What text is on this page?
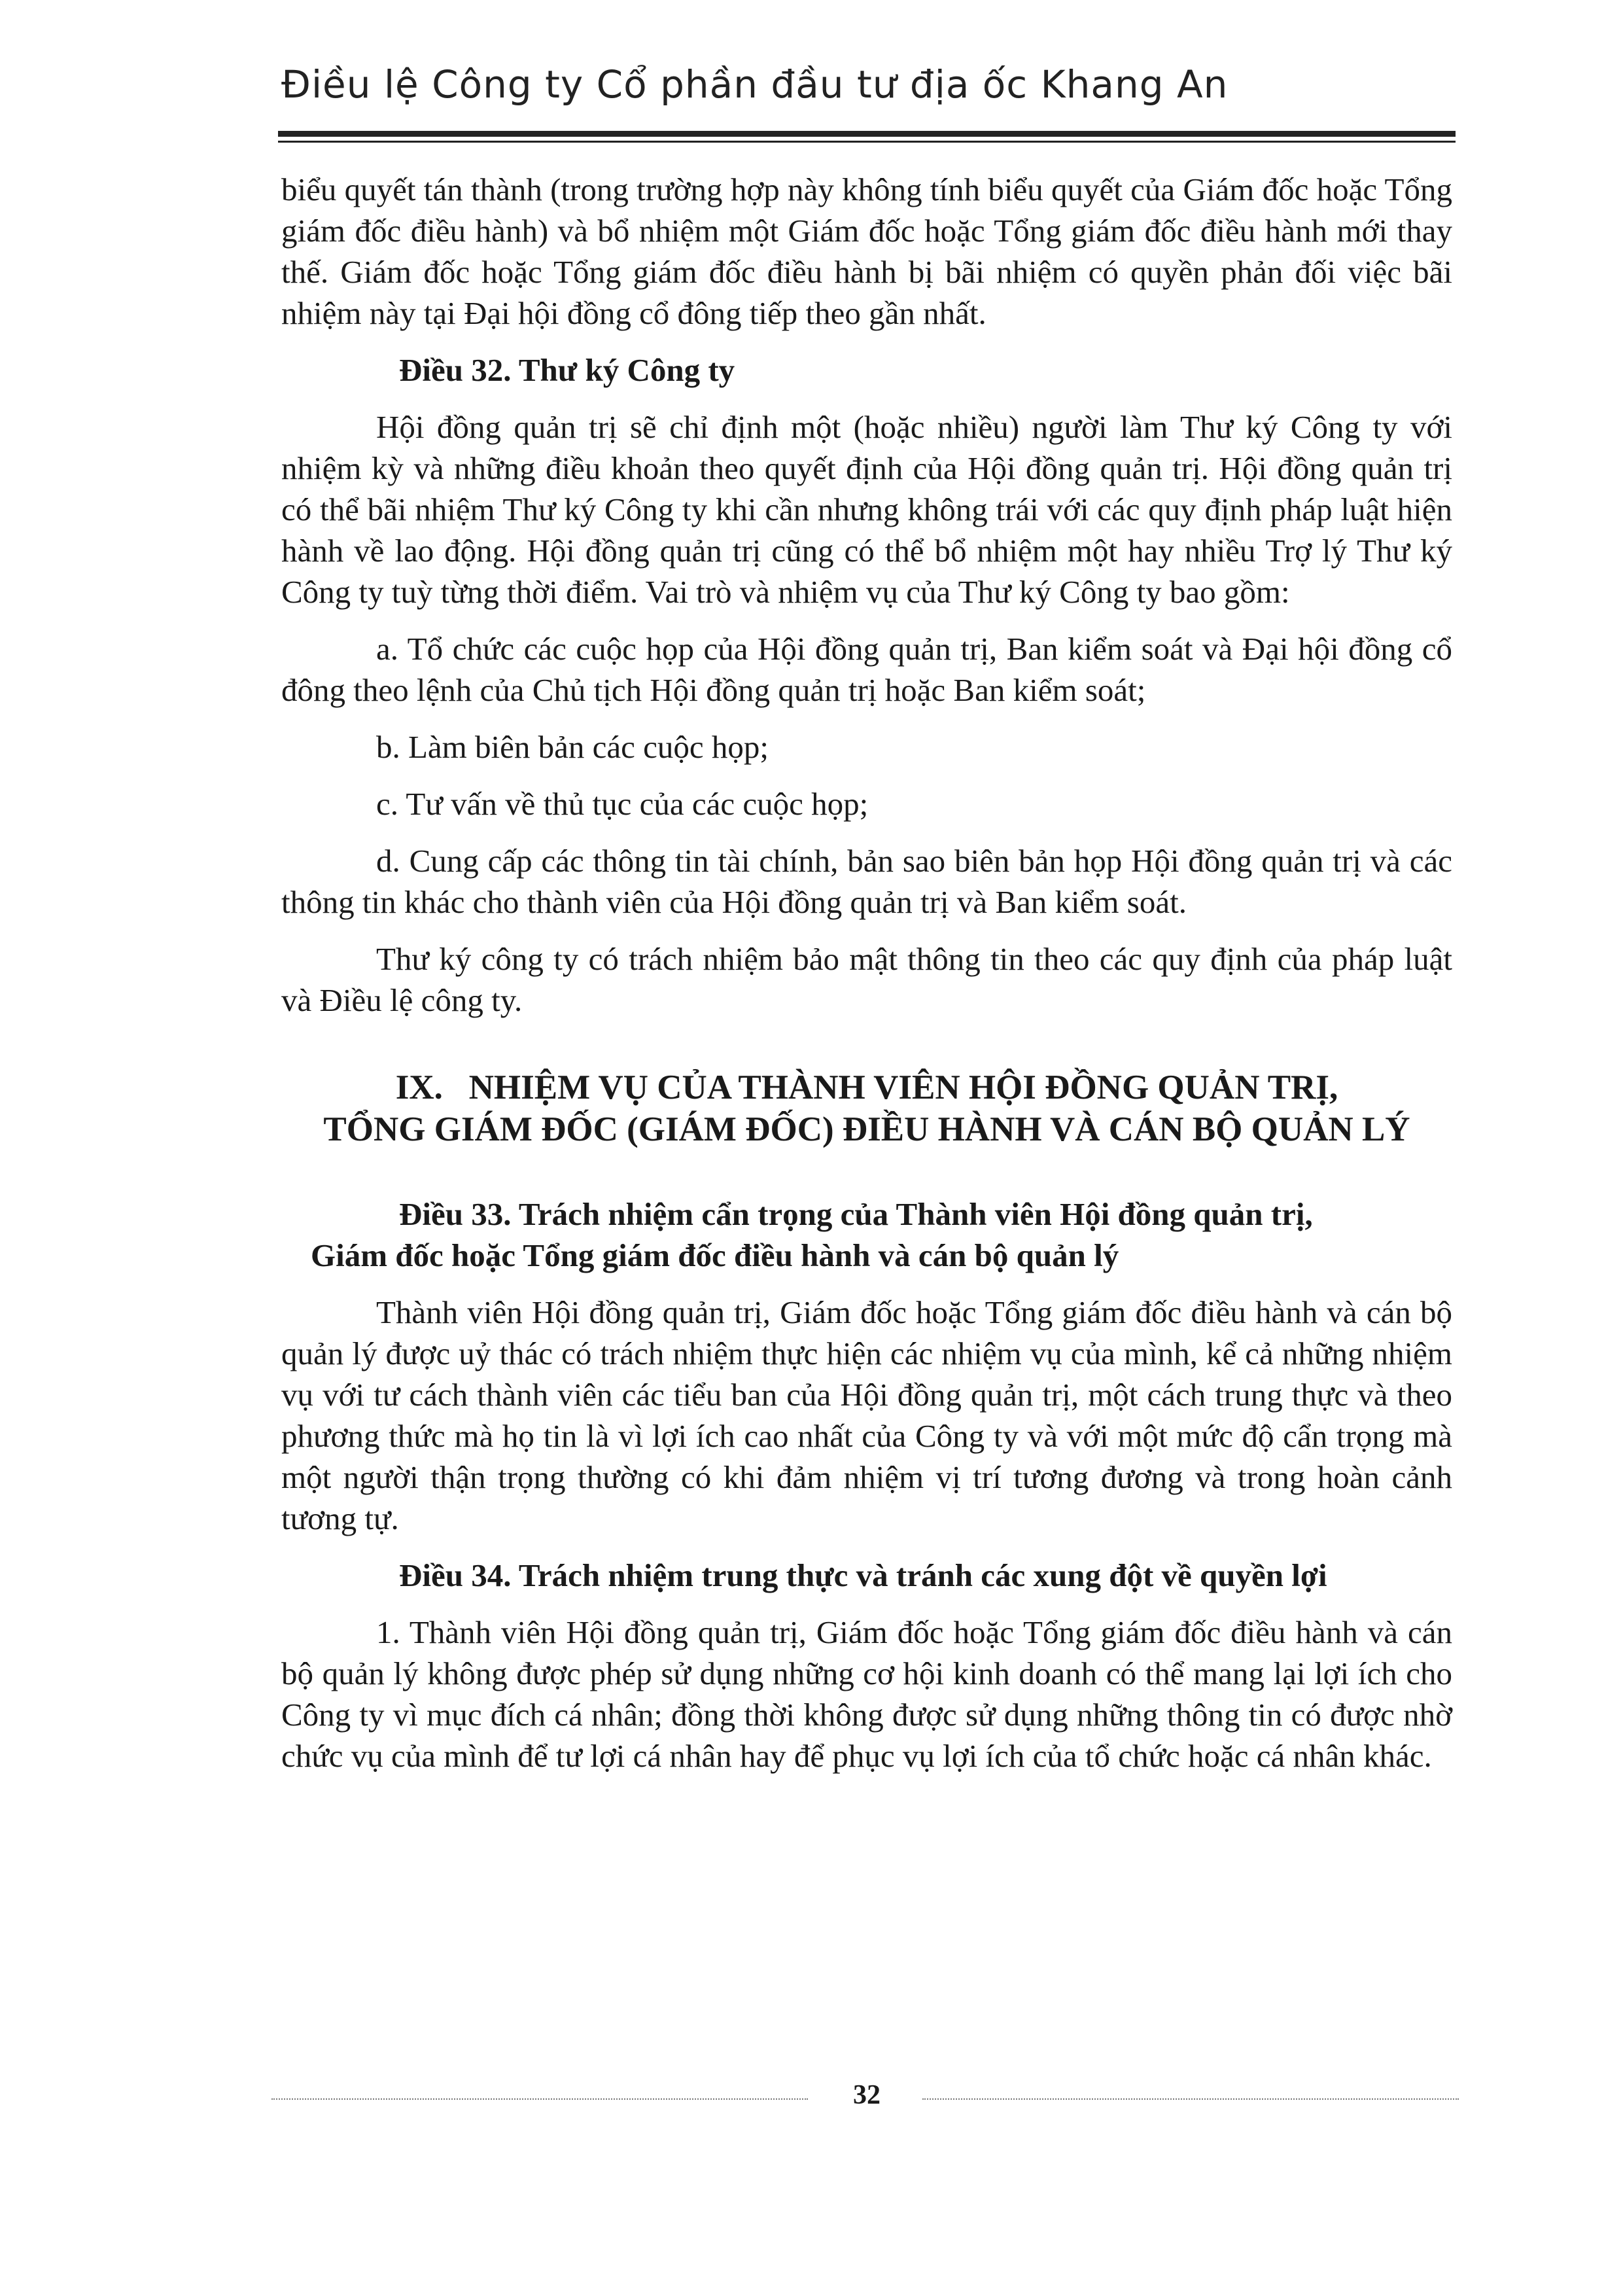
Điều lệ Công ty Cổ phần đầu tư địa ốc Khang An

biểu quyết tán thành (trong trường hợp này không tính biểu quyết của Giám đốc hoặc Tổng giám đốc điều hành) và bổ nhiệm một Giám đốc hoặc Tổng giám đốc điều hành mới thay thế. Giám đốc hoặc Tổng giám đốc điều hành bị bãi nhiệm có quyền phản đối việc bãi nhiệm này tại Đại hội đồng cổ đông tiếp theo gần nhất.

Điều 32. Thư ký Công ty

Hội đồng quản trị sẽ chỉ định một (hoặc nhiều) người làm Thư ký Công ty với nhiệm kỳ và những điều khoản theo quyết định của Hội đồng quản trị. Hội đồng quản trị có thể bãi nhiệm Thư ký Công ty khi cần nhưng không trái với các quy định pháp luật hiện hành về lao động. Hội đồng quản trị cũng có thể bổ nhiệm một hay nhiều Trợ lý Thư ký Công ty tuỳ từng thời điểm. Vai trò và nhiệm vụ của Thư ký Công ty bao gồm:

a. Tổ chức các cuộc họp của Hội đồng quản trị, Ban kiểm soát và Đại hội đồng cổ đông theo lệnh của Chủ tịch Hội đồng quản trị hoặc Ban kiểm soát;

b. Làm biên bản các cuộc họp;

c. Tư vấn về thủ tục của các cuộc họp;

d. Cung cấp các thông tin tài chính, bản sao biên bản họp Hội đồng quản trị và các thông tin khác cho thành viên của Hội đồng quản trị và Ban kiểm soát.

Thư ký công ty có trách nhiệm bảo mật thông tin theo các quy định của pháp luật và Điều lệ công ty.

IX.   NHIỆM VỤ CỦA THÀNH VIÊN HỘI ĐỒNG QUẢN TRỊ,
TỔNG GIÁM ĐỐC (GIÁM ĐỐC) ĐIỀU HÀNH VÀ CÁN BỘ QUẢN LÝ
Điều 33. Trách nhiệm cẩn trọng của Thành viên Hội đồng quản trị,
Giám đốc hoặc Tổng giám đốc điều hành và cán bộ quản lý

Thành viên Hội đồng quản trị, Giám đốc hoặc Tổng giám đốc điều hành và cán bộ quản lý được uỷ thác có trách nhiệm thực hiện các nhiệm vụ của mình, kể cả những nhiệm vụ với tư cách thành viên các tiểu ban của Hội đồng quản trị, một cách trung thực và theo phương thức mà họ tin là vì lợi ích cao nhất của Công ty và với một mức độ cẩn trọng mà một người thận trọng thường có khi đảm nhiệm vị trí tương đương và trong hoàn cảnh tương tự.

Điều 34. Trách nhiệm trung thực và tránh các xung đột về quyền lợi

1. Thành viên Hội đồng quản trị, Giám đốc hoặc Tổng giám đốc điều hành và cán bộ quản lý không được phép sử dụng những cơ hội kinh doanh có thể mang lại lợi ích cho Công ty vì mục đích cá nhân; đồng thời không được sử dụng những thông tin có được nhờ chức vụ của mình để tư lợi cá nhân hay để phục vụ lợi ích của tổ chức hoặc cá nhân khác.

32
